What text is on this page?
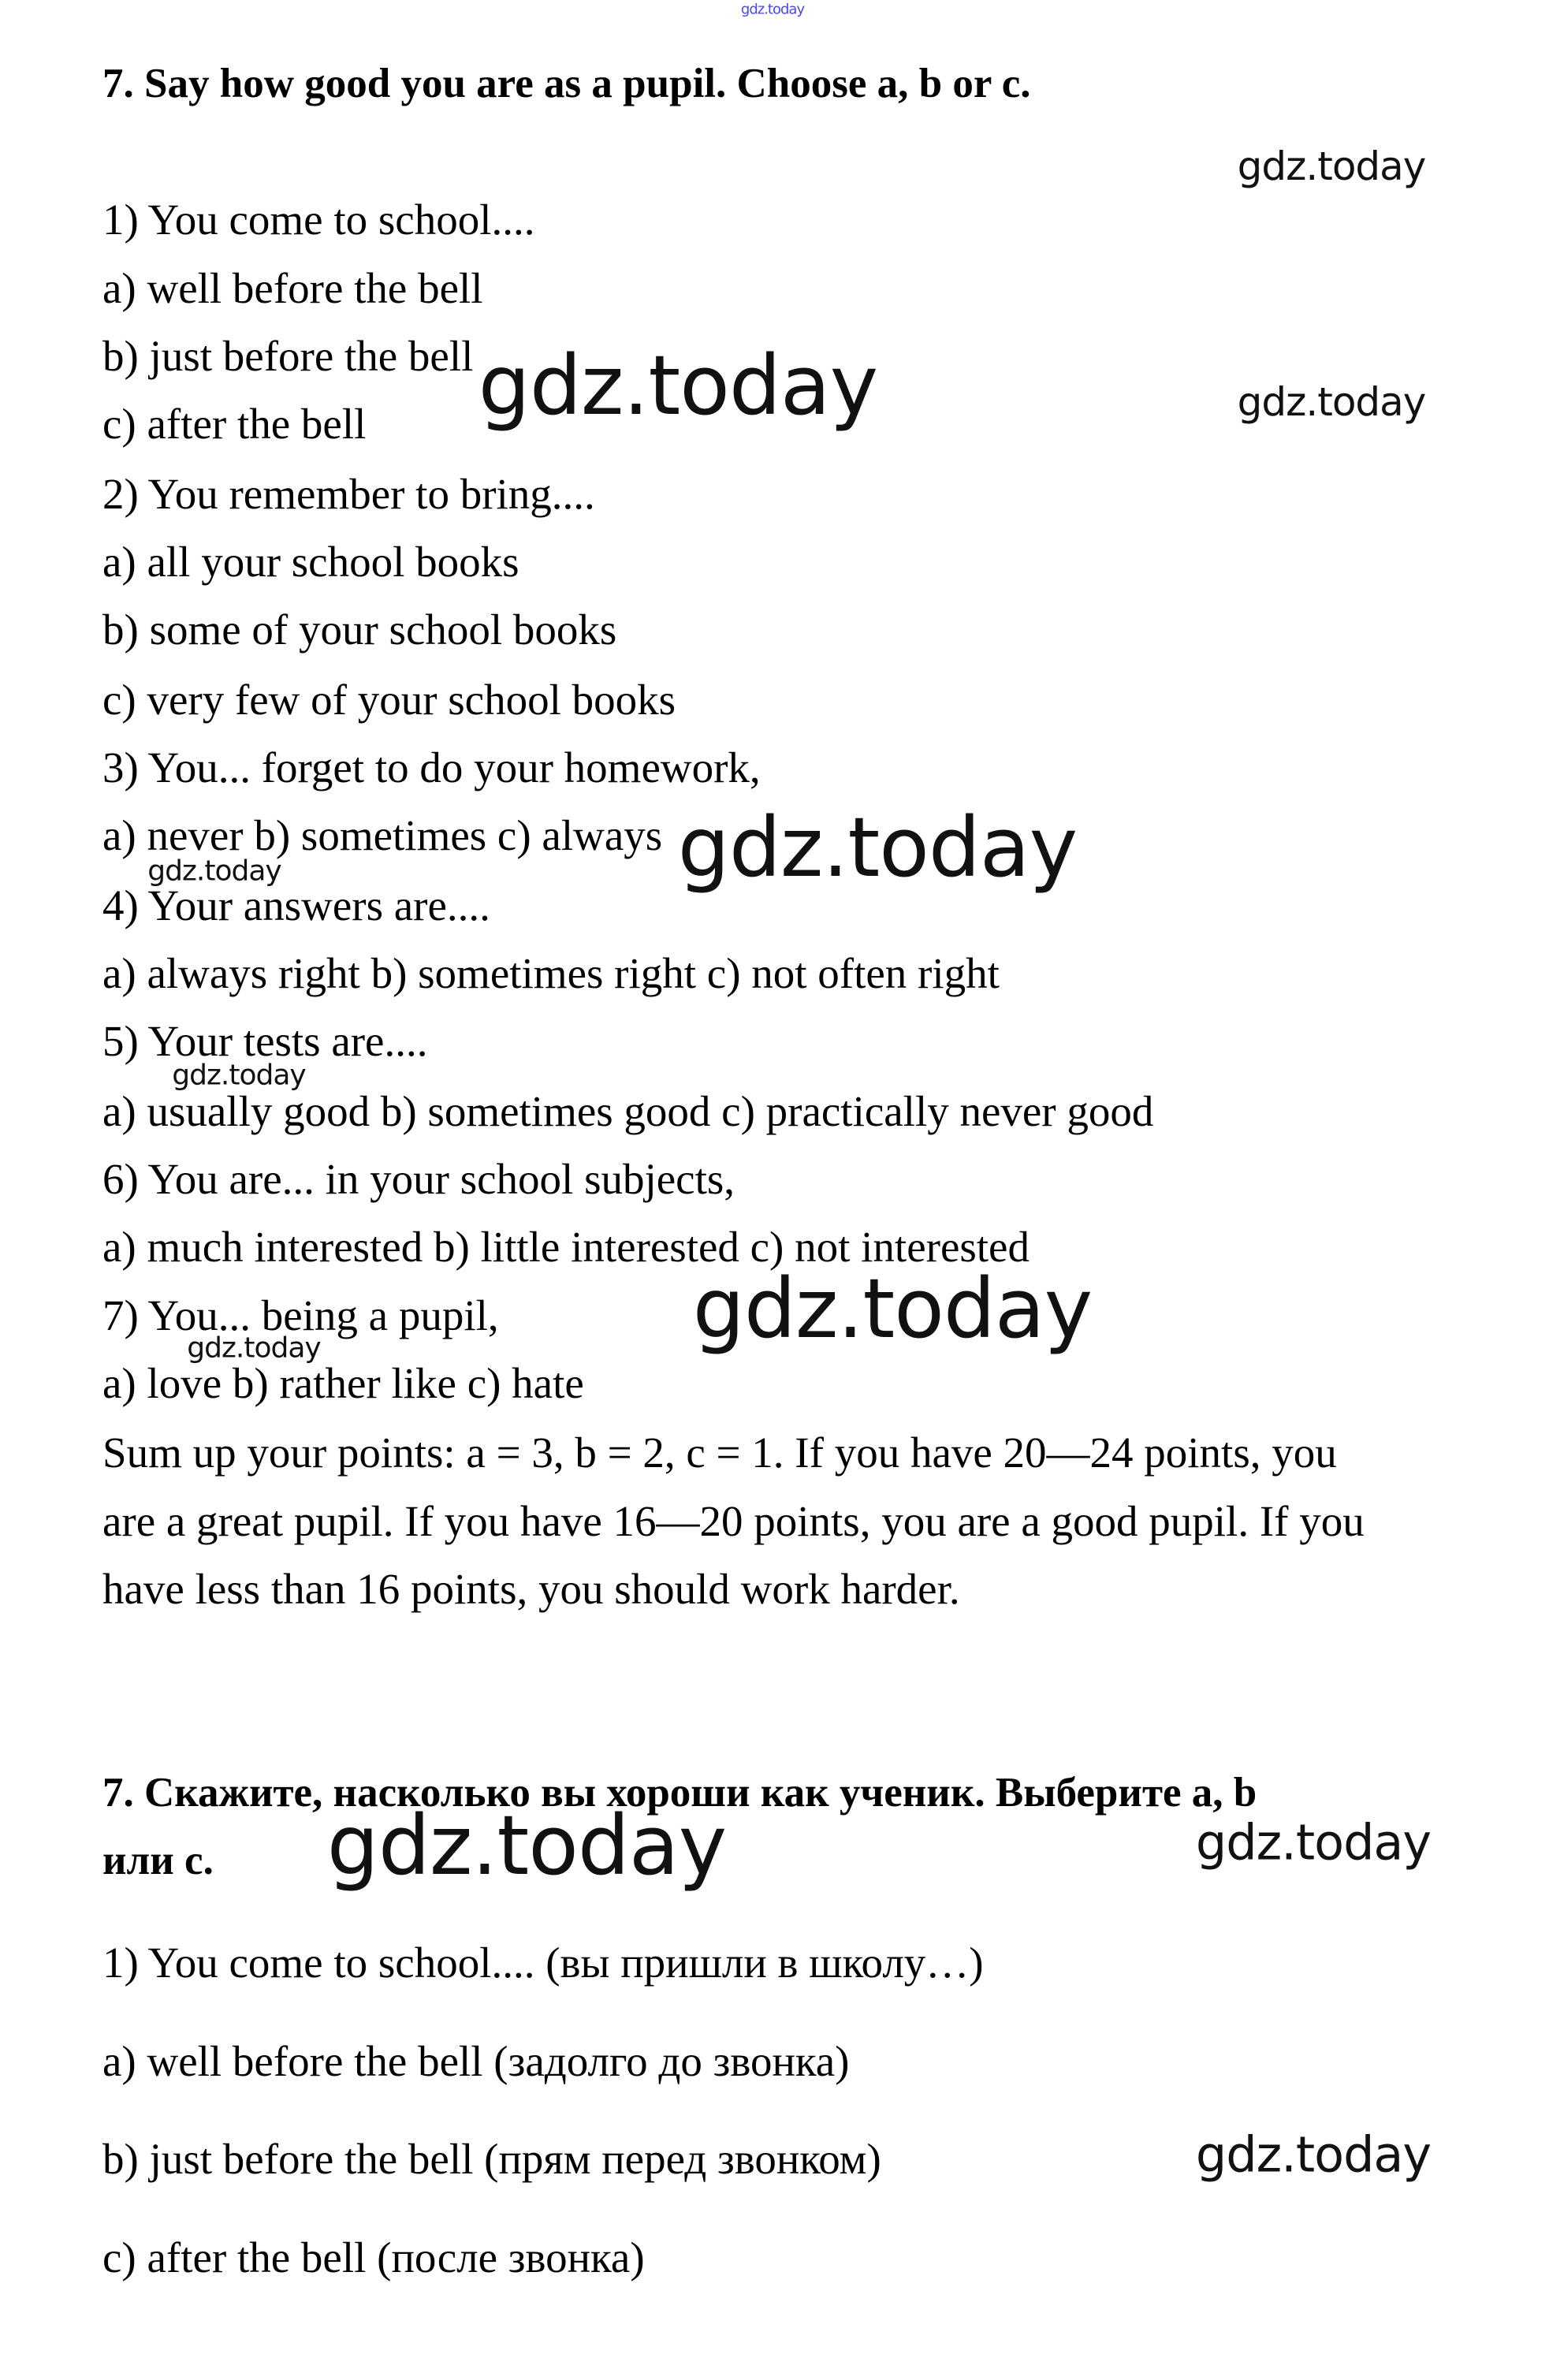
7. Say how good you are as a pupil. Choose a, b or c.
1) You come to school....
a) well before the bell
b) just before the bell
c) after the bell
2) You remember to bring....
a) all your school books
b) some of your school books
c) very few of your school books
3) You... forget to do your homework,
a) never b) sometimes c) always
4) Your answers are....
a) always right b) sometimes right c) not often right
5) Your tests are....
a) usually good b) sometimes good c) practically never good
6) You are... in your school subjects,
a) much interested b) little interested c) not interested
7) You... being a pupil,
a) love b) rather like c) hate
Sum up your points: a = 3, b = 2, c = 1. If you have 20—24 points, you
are a great pupil. If you have 16—20 points, you are a good pupil. If you
have less than 16 points, you should work harder.
7. Скажите, насколько вы хороши как ученик. Выберите a, b
или c.
1) You come to school.... (вы пришли в школу…)
a) well before the bell (задолго до звонка)
b) just before the bell (прям перед звонком)
c) after the bell (после звонка)
gdz.today
gdz.today
gdz.today	gdz.today
gdz.today
gdz.today
gdz.today
gdz.today
gdz.today
gdz.today	gdz.today
gdz.today
